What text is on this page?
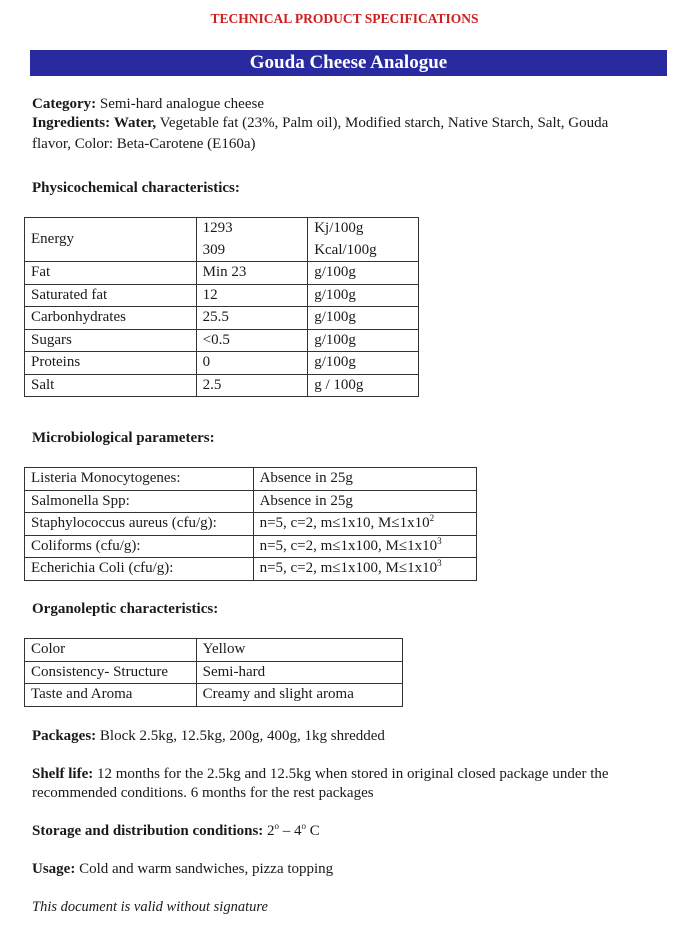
TECHNICAL PRODUCT SPECIFICATIONS
Gouda Cheese Analogue
Category: Semi-hard analogue cheese
Ingredients: Water, Vegetable fat (23%, Palm oil), Modified starch, Native Starch, Salt, Gouda
flavor, Color: Beta-Carotene (E160a)
Physicochemical characteristics:
Energy	1293	Kj/100g
	309	Kcal/100g
Fat	Min 23	g/100g
Saturated fat	12	g/100g
Carbonhydrates	25.5	g/100g
Sugars	<0.5	g/100g
Proteins	0	g/100g
Salt	2.5	g / 100g
Microbiological parameters:
Listeria Monocytogenes:	Absence in 25g
Salmonella Spp:	Absence in 25g
Staphylococcus aureus (cfu/g):	n=5, c=2, m≤1x10, $M\le 1x10^2$
Coliforms (cfu/g):	n=5, c=2, m≤1x100, $M\le 1x10^3$
Echerichia Coli (cfu/g):	n=5, c=2, m≤1x100, $M\le 1x10^3$
Organoleptic characteristics:
Color	Yellow
Consistency- Structure	Semi-hard
Taste and Aroma	Creamy and slight aroma
Packages: Block 2.5kg, 12.5kg, 200g, 400g, 1kg shredded
Shelf life: 12 months for the 2.5kg and 12.5kg when stored in original closed package under the
recommended conditions. 6 months for the rest packages
Storage and distribution conditions: 2$^o$ – 4$^o$ C
Usage: Cold and warm sandwiches, pizza topping
This document is valid without signature
